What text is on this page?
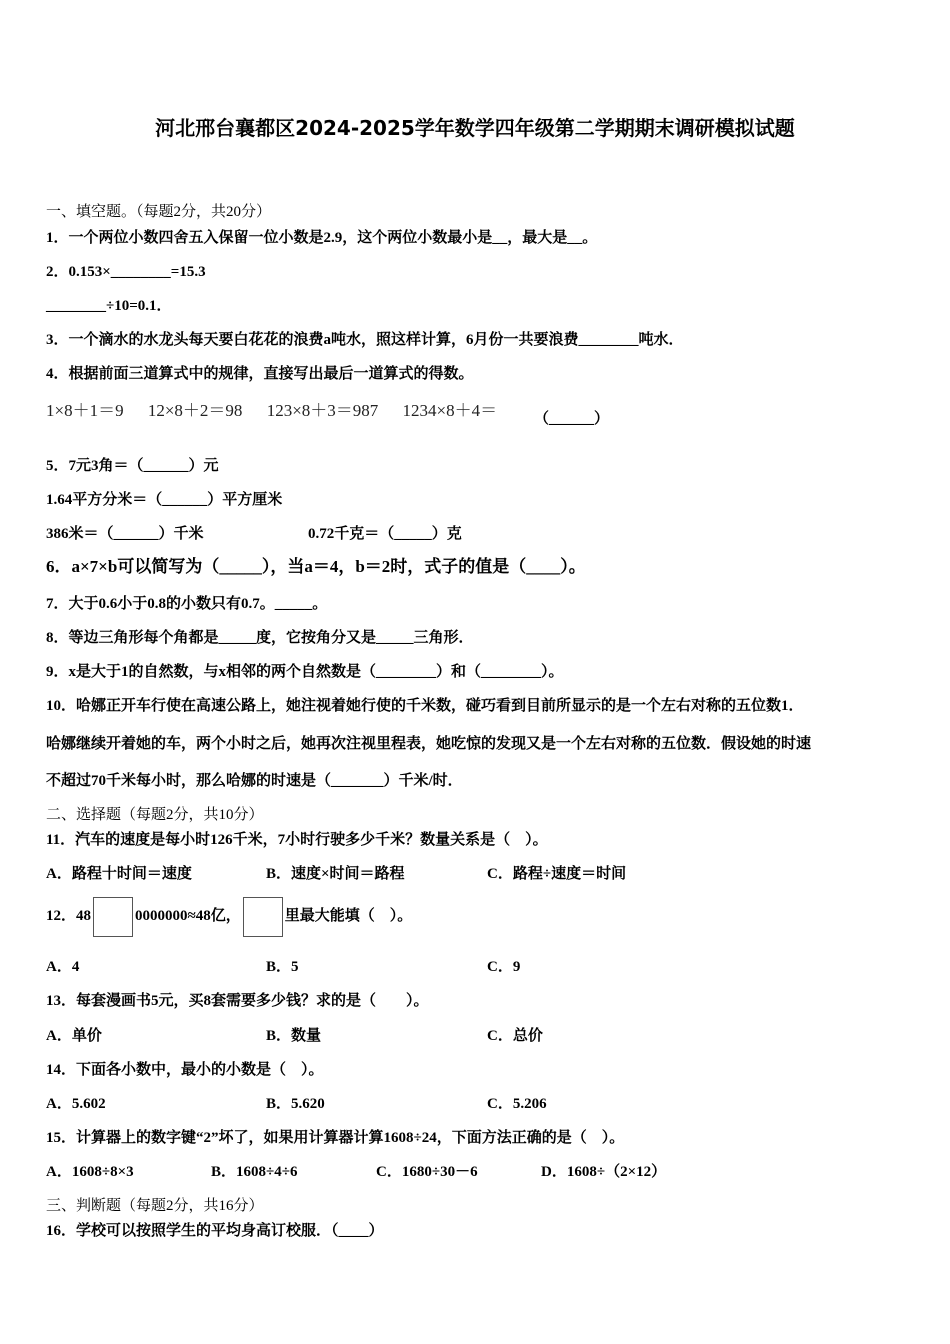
河北邢台襄都区2024-2025学年数学四年级第二学期期末调研模拟试题
一、填空题。（每题2分，共20分）
1．一个两位小数四舍五入保留一位小数是2.9，这个两位小数最小是__，最大是__。
2．0.153×________=15.3
________÷10=0.1．
3．一个滴水的水龙头每天要白花花的浪费a吨水，照这样计算，6月份一共要浪费________吨水．
4．根据前面三道算式中的规律，直接写出最后一道算式的得数。
1×8＋1＝9 12×8＋2＝98 123×8＋3＝987 1234×8＋4＝	（______）
5．7元3角＝（______）元
1.64平方分米＝（______）平方厘米
386米＝（______）千米	0.72千克＝（_____）克
6．a×7×b可以简写为（_____），当a＝4，b＝2时，式子的值是（____）。
7．大于0.6小于0.8的小数只有0.7。_____。
8．等边三角形每个角都是_____度，它按角分又是_____三角形．
9．x是大于1的自然数，与x相邻的两个自然数是（________）和（________）。
10．哈娜正开车行使在高速公路上，她注视着她行使的千米数，碰巧看到目前所显示的是一个左右对称的五位数1．
哈娜继续开着她的车，两个小时之后，她再次注视里程表，她吃惊的发现又是一个左右对称的五位数．假设她的时速
不超过70千米每小时，那么哈娜的时速是（_______）千米/时．
二、选择题（每题2分，共10分）
11．汽车的速度是每小时126千米，7小时行驶多少千米？数量关系是（　）。
A．路程十时间＝速度	B．速度×时间＝路程	C．路程÷速度＝时间
12．48	0000000≈48亿，	里最大能填（　）。
A．4	B．5	C．9
13．每套漫画书5元，买8套需要多少钱？求的是（　　）。
A．单价	B．数量	C．总价
14．下面各小数中，最小的小数是（　）。
A．5.602	B．5.620	C．5.206
15．计算器上的数字键“2”坏了，如果用计算器计算1608÷24，下面方法正确的是（　）。
A．1608÷8×3	B．1608÷4÷6	C．1680÷30－6	D．1608÷（2×12）
三、判断题（每题2分，共16分）
16．学校可以按照学生的平均身高订校服．（____）
